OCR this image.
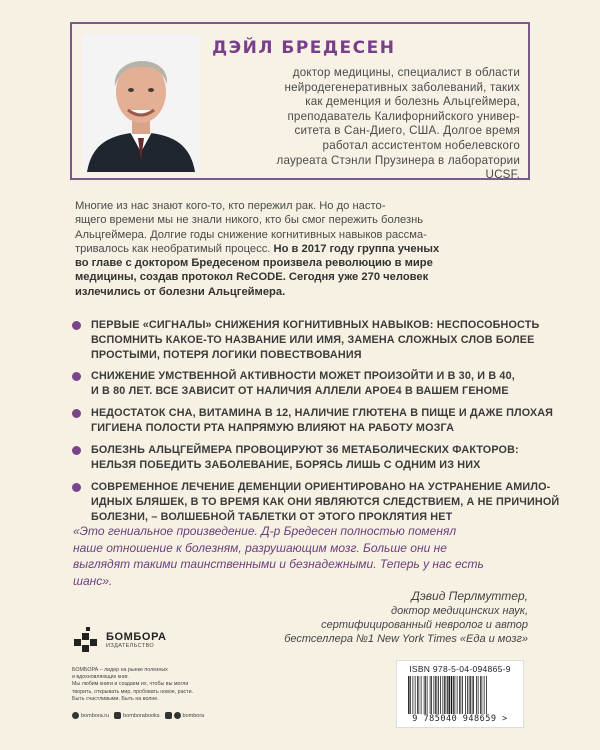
ДЭЙЛ БРЕДЕСЕН
доктор медицины, специалист в области
нейродегенеративных заболеваний, таких
как деменция и болезнь Альцгеймера,
преподаватель Калифорнийского универ-
ситета в Сан-Диего, США. Долгое время
работал ассистентом нобелевского
лауреата Стэнли Прузинера в лаборатории
UCSF.
Многие из нас знают кого-то, кто пережил рак. Но до насто-
ящего времени мы не знали никого, кто бы смог пережить болезнь
Альцгеймера. Долгие годы снижение когнитивных навыков рассма-
тривалось как необратимый процесс. Но в 2017 году группа ученых
во главе с доктором Бредесеном произвела революцию в мире
медицины, создав протокол ReCODE. Сегодня уже 270 человек
излечились от болезни Альцгеймера.
ПЕРВЫЕ «СИГНАЛЫ» СНИЖЕНИЯ КОГНИТИВНЫХ НАВЫКОВ: НЕСПОСОБНОСТЬ
ВСПОМНИТЬ КАКОЕ-ТО НАЗВАНИЕ ИЛИ ИМЯ, ЗАМЕНА СЛОЖНЫХ СЛОВ БОЛЕЕ
ПРОСТЫМИ, ПОТЕРЯ ЛОГИКИ ПОВЕСТВОВАНИЯ
СНИЖЕНИЕ УМСТВЕННОЙ АКТИВНОСТИ МОЖЕТ ПРОИЗОЙТИ И В 30, И В 40,
И В 80 ЛЕТ. ВСЕ ЗАВИСИТ ОТ НАЛИЧИЯ АЛЛЕЛИ APOE4 В ВАШЕМ ГЕНОМЕ
НЕДОСТАТОК СНА, ВИТАМИНА В 12, НАЛИЧИЕ ГЛЮТЕНА В ПИЩЕ И ДАЖЕ ПЛОХАЯ
ГИГИЕНА ПОЛОСТИ РТА НАПРЯМУЮ ВЛИЯЮТ НА РАБОТУ МОЗГА
БОЛЕЗНЬ АЛЬЦГЕЙМЕРА ПРОВОЦИРУЮТ 36 МЕТАБОЛИЧЕСКИХ ФАКТОРОВ:
НЕЛЬЗЯ ПОБЕДИТЬ ЗАБОЛЕВАНИЕ, БОРЯСЬ ЛИШЬ С ОДНИМ ИЗ НИХ
СОВРЕМЕННОЕ ЛЕЧЕНИЕ ДЕМЕНЦИИ ОРИЕНТИРОВАНО НА УСТРАНЕНИЕ АМИЛО-
ИДНЫХ БЛЯШЕК, В ТО ВРЕМЯ КАК ОНИ ЯВЛЯЮТСЯ СЛЕДСТВИЕМ, А НЕ ПРИЧИНОЙ
БОЛЕЗНИ, – ВОЛШЕБНОЙ ТАБЛЕТКИ ОТ ЭТОГО ПРОКЛЯТИЯ НЕТ
«Это гениальное произведение. Д-р Бредесен полностью поменял
наше отношение к болезням, разрушающим мозг. Больше они не
выглядят такими таинственными и безнадежными. Теперь у нас есть
шанс».
Дэвид Перлмуттер,
доктор медицинских наук,
сертифицированный невролог и автор
бестселлера №1 New York Times «Еда и мозг»
БОМБОРА
ИЗДАТЕЛЬСТВО
БОМБОРА – лидер на рынке полезных
и вдохновляющих книг.
Мы любим книги и создаем их, чтобы вы могли
творить, открывать мир, пробовать новое, расти.
Быть счастливыми. Быть на волне.
bombora.ru	bomborabooks	bombora
ISBN 978-5-04-094865-9
9 785040 948659 >
